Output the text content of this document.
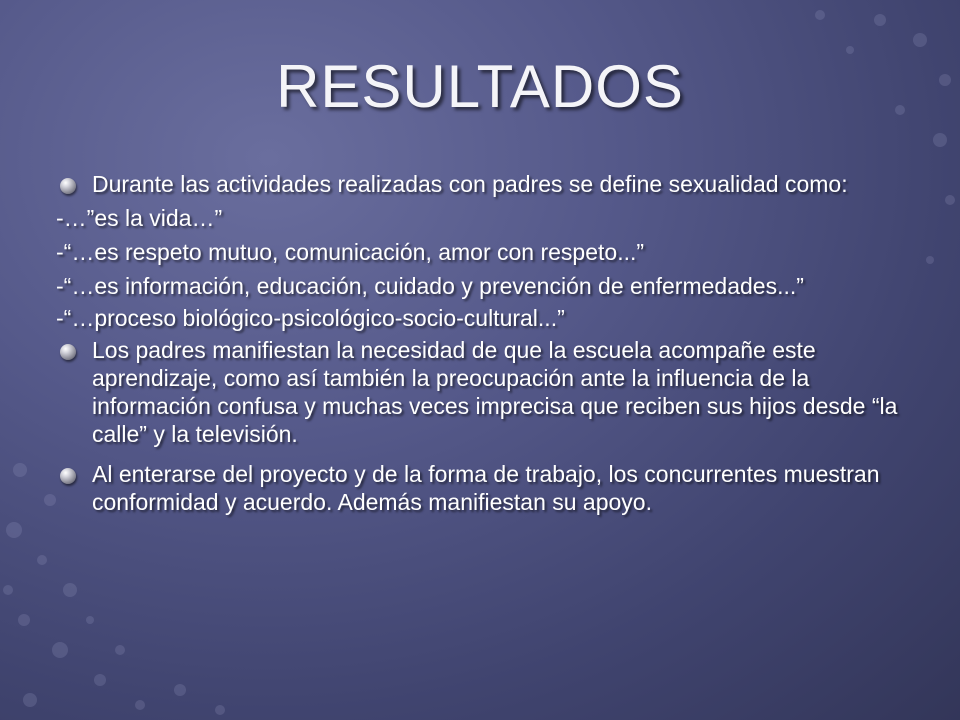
RESULTADOS

Durante las actividades realizadas con padres se define sexualidad como:

-…”es la vida…”

-“…es respeto mutuo, comunicación, amor con respeto...”

-“…es información, educación, cuidado y prevención de enfermedades...”

-“…proceso biológico-psicológico-socio-cultural...”

Los padres manifiestan la necesidad de que la escuela acompañe este aprendizaje, como así también la preocupación ante la influencia de la información confusa y muchas veces imprecisa que reciben sus hijos desde “la calle” y la televisión.

Al enterarse del proyecto y de la forma de trabajo, los concurrentes muestran conformidad y acuerdo. Además manifiestan su apoyo.
